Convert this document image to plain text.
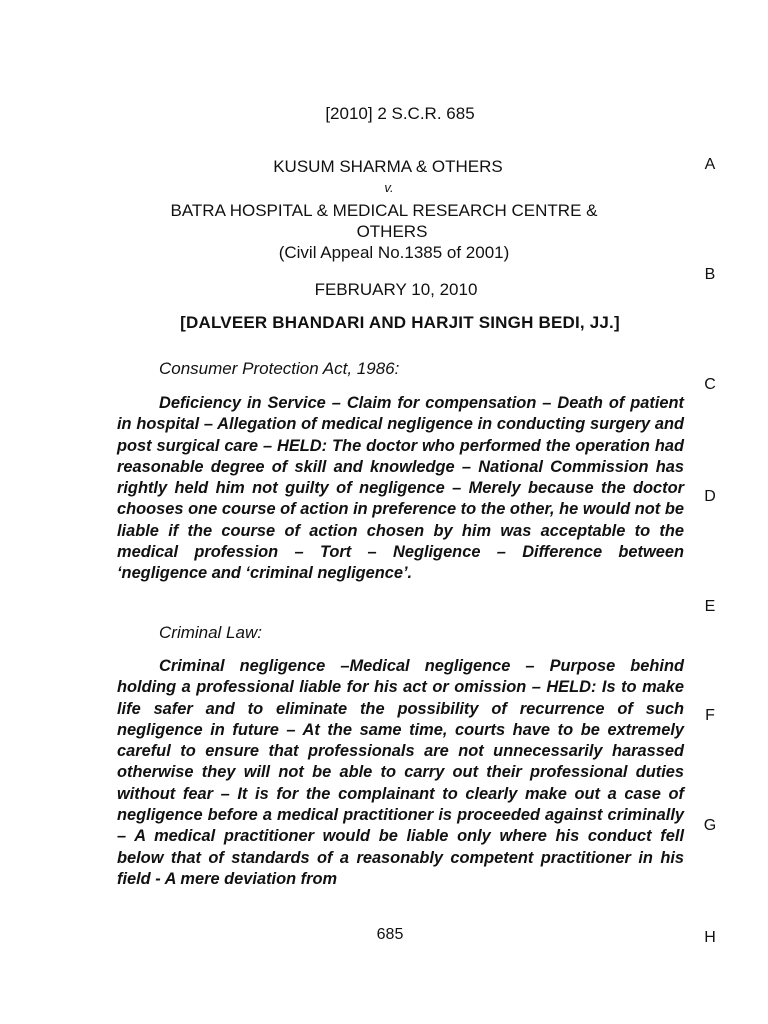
[2010] 2 S.C.R. 685
KUSUM SHARMA & OTHERS
v.
BATRA HOSPITAL & MEDICAL RESEARCH CENTRE &
OTHERS
(Civil Appeal No.1385 of 2001)
FEBRUARY 10, 2010
[DALVEER BHANDARI AND HARJIT SINGH BEDI, JJ.]
A
B
C
D
E
F
G
H
Consumer Protection Act, 1986:
Deficiency in Service – Claim for compensation – Death of patient in hospital – Allegation of medical negligence in conducting surgery and post surgical care – HELD: The doctor who performed the operation had reasonable degree of skill and knowledge – National Commission has rightly held him not guilty of negligence – Merely because the doctor chooses one course of action in preference to the other, he would not be liable if the course of action chosen by him was acceptable to the medical profession – Tort – Negligence – Difference between ‘negligence and ‘criminal negligence’.
Criminal Law:
Criminal negligence –Medical negligence – Purpose behind holding a professional liable for his act or omission – HELD: Is to make life safer and to eliminate the possibility of recurrence of such negligence in future – At the same time, courts have to be extremely careful to ensure that professionals are not unnecessarily harassed otherwise they will not be able to carry out their professional duties without fear – It is for the complainant to clearly make out a case of negligence before a medical practitioner is proceeded against criminally – A medical practitioner would be liable only where his conduct fell below that of standards of a reasonably competent practitioner in his field - A mere deviation from
685
